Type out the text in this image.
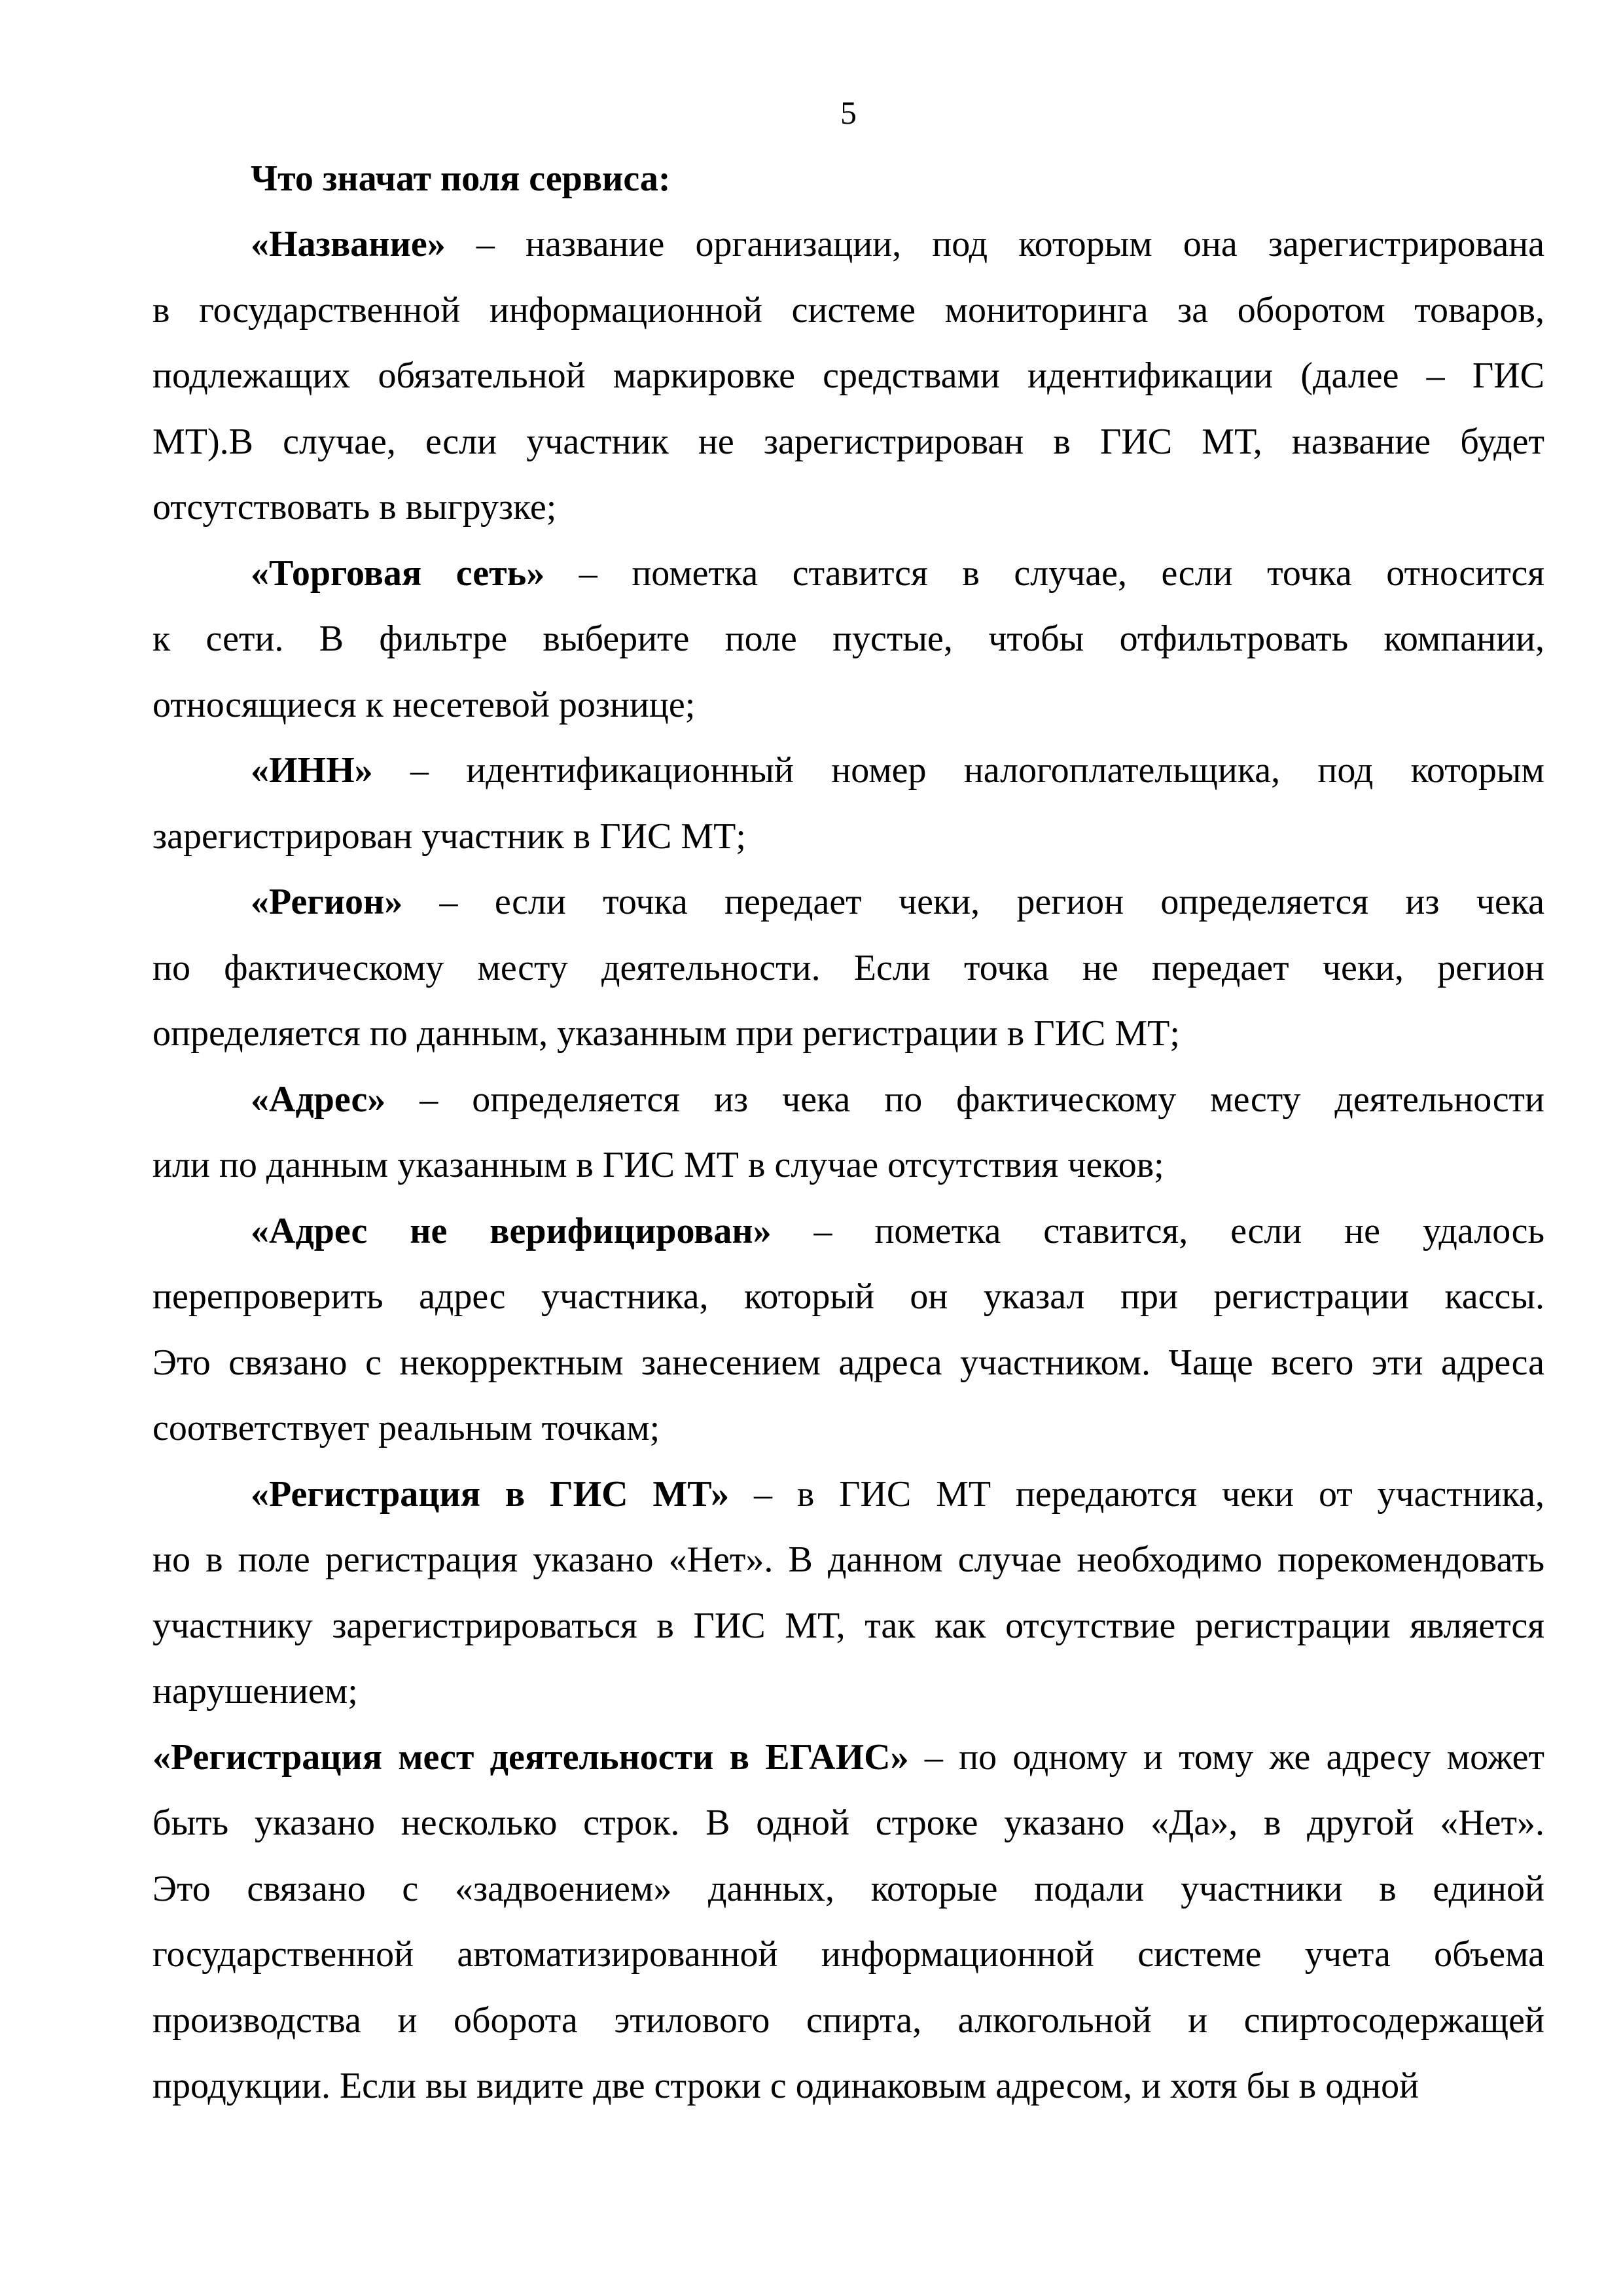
5
Что значат поля сервиса:
«Название» – название организации, под которым она зарегистрирована
в государственной информационной системе мониторинга за оборотом товаров,
подлежащих обязательной маркировке средствами идентификации (далее – ГИС
МТ).В случае, если участник не зарегистрирован в ГИС МТ, название будет
отсутствовать в выгрузке;
«Торговая сеть» – пометка ставится в случае, если точка относится
к сети. В фильтре выберите поле пустые, чтобы отфильтровать компании,
относящиеся к несетевой рознице;
«ИНН» – идентификационный номер налогоплательщика, под которым
зарегистрирован участник в ГИС МТ;
«Регион» – если точка передает чеки, регион определяется из чека
по фактическому месту деятельности. Если точка не передает чеки, регион
определяется по данным, указанным при регистрации в ГИС МТ;
«Адрес» – определяется из чека по фактическому месту деятельности
или по данным указанным в ГИС МТ в случае отсутствия чеков;
«Адрес не верифицирован» – пометка ставится, если не удалось
перепроверить адрес участника, который он указал при регистрации кассы.
Это связано с некорректным занесением адреса участником. Чаще всего эти адреса
соответствует реальным точкам;
«Регистрация в ГИС МТ» – в ГИС МТ передаются чеки от участника,
но в поле регистрация указано «Нет». В данном случае необходимо порекомендовать
участнику зарегистрироваться в ГИС МТ, так как отсутствие регистрации является
нарушением;
«Регистрация мест деятельности в ЕГАИС» – по одному и тому же адресу может
быть указано несколько строк. В одной строке указано «Да», в другой «Нет».
Это связано с «задвоением» данных, которые подали участники в единой
государственной автоматизированной информационной системе учета объема
производства и оборота этилового спирта, алкогольной и спиртосодержащей
продукции. Если вы видите две строки с одинаковым адресом, и хотя бы в одной
